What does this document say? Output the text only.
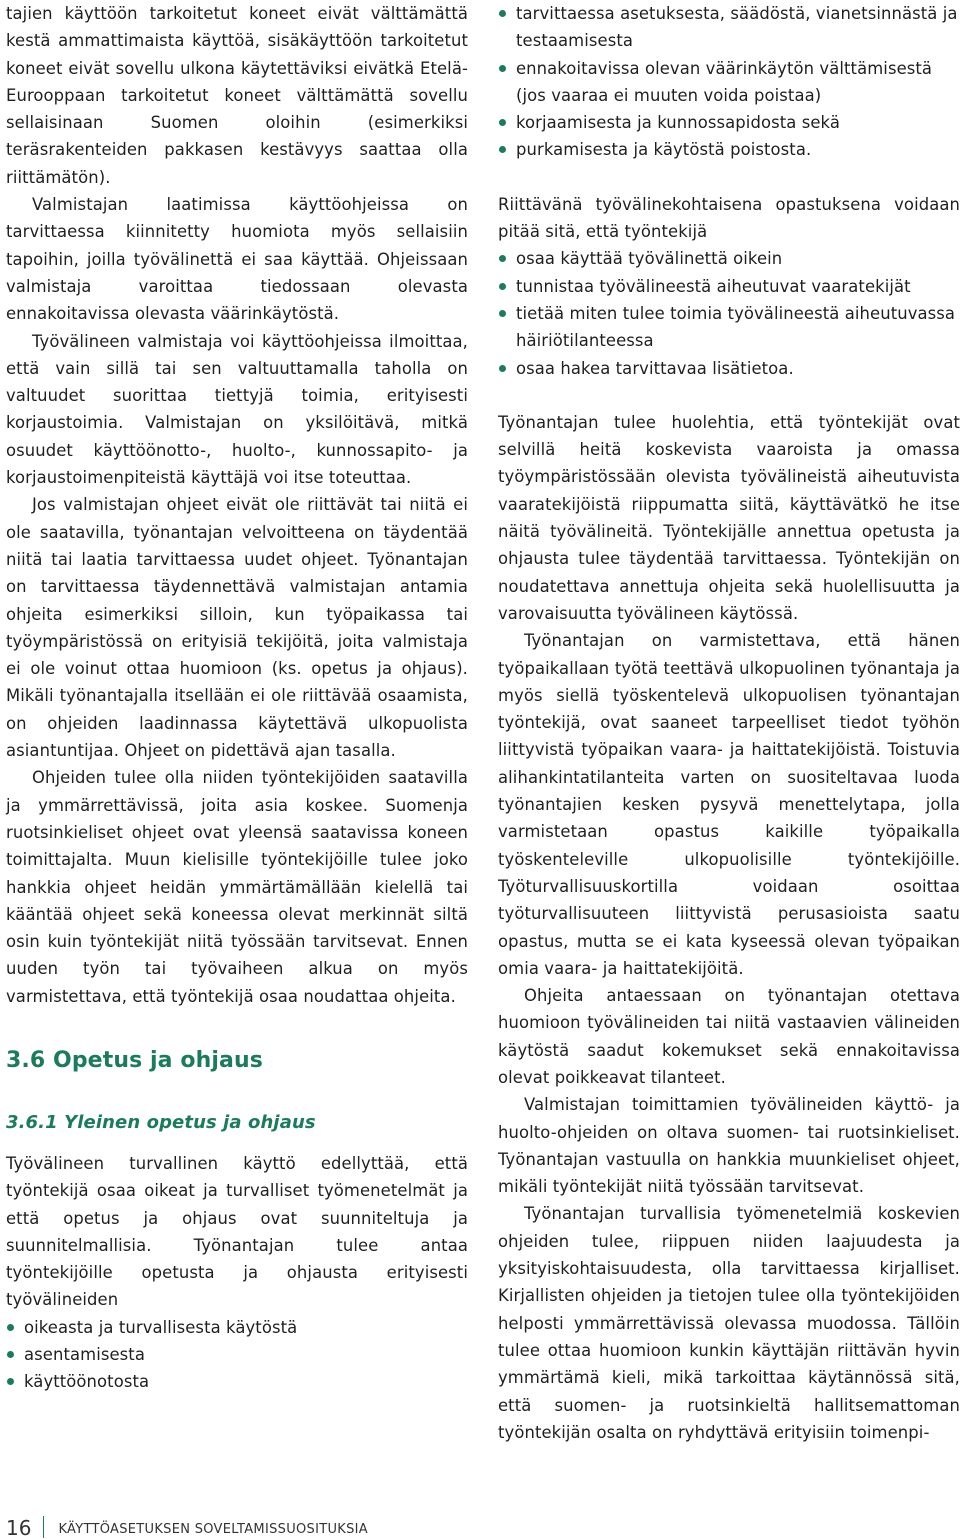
tajien käyttöön tarkoitetut koneet eivät välttämättä kestä ammattimaista käyttöä, sisäkäyttöön tarkoitetut koneet eivät sovellu ulkona käytettäviksi eivätkä Etelä-Eurooppaan tarkoitetut koneet välttämättä sovellu sellaisinaan Suomen oloihin (esimerkiksi teräsrakenteiden pakkasen kestävyys saattaa olla riittämätön).

Valmistajan laatimissa käyttöohjeissa on tarvittaessa kiinnitetty huomiota myös sellaisiin tapoihin, joilla työvälinettä ei saa käyttää. Ohjeissaan valmistaja varoittaa tiedossaan olevasta ennakoitavissa olevasta väärinkäytöstä.

Työvälineen valmistaja voi käyttöohjeissa ilmoittaa, että vain sillä tai sen valtuuttamalla taholla on valtuudet suorittaa tiettyjä toimia, erityisesti korjaustoimia. Valmistajan on yksilöitävä, mitkä osuudet käyttöönotto-, huolto-, kunnossapito- ja korjaustoimenpiteistä käyttäjä voi itse toteuttaa.

Jos valmistajan ohjeet eivät ole riittävät tai niitä ei ole saatavilla, työnantajan velvoitteena on täydentää niitä tai laatia tarvittaessa uudet ohjeet. Työnantajan on tarvittaessa täydennettävä valmistajan antamia ohjeita esimerkiksi silloin, kun työpaikassa tai työympäristössä on erityisiä tekijöitä, joita valmistaja ei ole voinut ottaa huomioon (ks. opetus ja ohjaus). Mikäli työnantajalla itsellään ei ole riittävää osaamista, on ohjeiden laadinnassa käytettävä ulkopuolista asiantuntijaa. Ohjeet on pidettävä ajan tasalla.

Ohjeiden tulee olla niiden työntekijöiden saatavilla ja ymmärrettävissä, joita asia koskee. Suomenja ruotsinkieliset ohjeet ovat yleensä saatavissa koneen toimittajalta. Muun kielisille työntekijöille tulee joko hankkia ohjeet heidän ymmärtämällään kielellä tai kääntää ohjeet sekä koneessa olevat merkinnät siltä osin kuin työntekijät niitä työssään tarvitsevat. Ennen uuden työn tai työvaiheen alkua on myös varmistettava, että työntekijä osaa noudattaa ohjeita.

3.6 Opetus ja ohjaus
3.6.1 Yleinen opetus ja ohjaus

Työvälineen turvallinen käyttö edellyttää, että työntekijä osaa oikeat ja turvalliset työmenetelmät ja että opetus ja ohjaus ovat suunniteltuja ja suunnitelmallisia. Työnantajan tulee antaa työntekijöille opetusta ja ohjausta erityisesti työvälineiden

oikeasta ja turvallisesta käytöstä
asentamisesta
käyttöönotosta
tarvittaessa asetuksesta, säädöstä, vianetsinnästä ja testaamisesta
ennakoitavissa olevan väärinkäytön välttämisestä (jos vaaraa ei muuten voida poistaa)
korjaamisesta ja kunnossapidosta sekä
purkamisesta ja käytöstä poistosta.

Riittävänä työvälinekohtaisena opastuksena voidaan pitää sitä, että työntekijä

osaa käyttää työvälinettä oikein
tunnistaa työvälineestä aiheutuvat vaaratekijät
tietää miten tulee toimia työvälineestä aiheutuvassa häiriötilanteessa
osaa hakea tarvittavaa lisätietoa.

Työnantajan tulee huolehtia, että työntekijät ovat selvillä heitä koskevista vaaroista ja omassa työympäristössään olevista työvälineistä aiheutuvista vaaratekijöistä riippumatta siitä, käyttävätkö he itse näitä työvälineitä. Työntekijälle annettua opetusta ja ohjausta tulee täydentää tarvittaessa. Työntekijän on noudatettava annettuja ohjeita sekä huolellisuutta ja varovaisuutta työvälineen käytössä.

Työnantajan on varmistettava, että hänen työpaikallaan työtä teettävä ulkopuolinen työnantaja ja myös siellä työskentelevä ulkopuolisen työnantajan työntekijä, ovat saaneet tarpeelliset tiedot työhön liittyvistä työpaikan vaara- ja haittatekijöistä. Toistuvia alihankintatilanteita varten on suositeltavaa luoda työnantajien kesken pysyvä menettelytapa, jolla varmistetaan opastus kaikille työpaikalla työskenteleville ulkopuolisille työntekijöille. Työturvallisuuskortilla voidaan osoittaa työturvallisuuteen liittyvistä perusasioista saatu opastus, mutta se ei kata kyseessä olevan työpaikan omia vaara- ja haittatekijöitä.

Ohjeita antaessaan on työnantajan otettava huomioon työvälineiden tai niitä vastaavien välineiden käytöstä saadut kokemukset sekä ennakoitavissa olevat poikkeavat tilanteet.

Valmistajan toimittamien työvälineiden käyttö- ja huolto-ohjeiden on oltava suomen- tai ruotsinkieliset. Työnantajan vastuulla on hankkia muunkieliset ohjeet, mikäli työntekijät niitä työssään tarvitsevat.

Työnantajan turvallisia työmenetelmiä koskevien ohjeiden tulee, riippuen niiden laajuudesta ja yksityiskohtaisuudesta, olla tarvittaessa kirjalliset. Kirjallisten ohjeiden ja tietojen tulee olla työntekijöiden helposti ymmärrettävissä olevassa muodossa. Tällöin tulee ottaa huomioon kunkin käyttäjän riittävän hyvin ymmärtämä kieli, mikä tarkoittaa käytännössä sitä, että suomen- ja ruotsinkieltä hallitsemattoman työntekijän osalta on ryhdyttävä erityisiin toimenpi-

16 KÄYTTÖASETUKSEN SOVELTAMISSUOSITUKSIA
